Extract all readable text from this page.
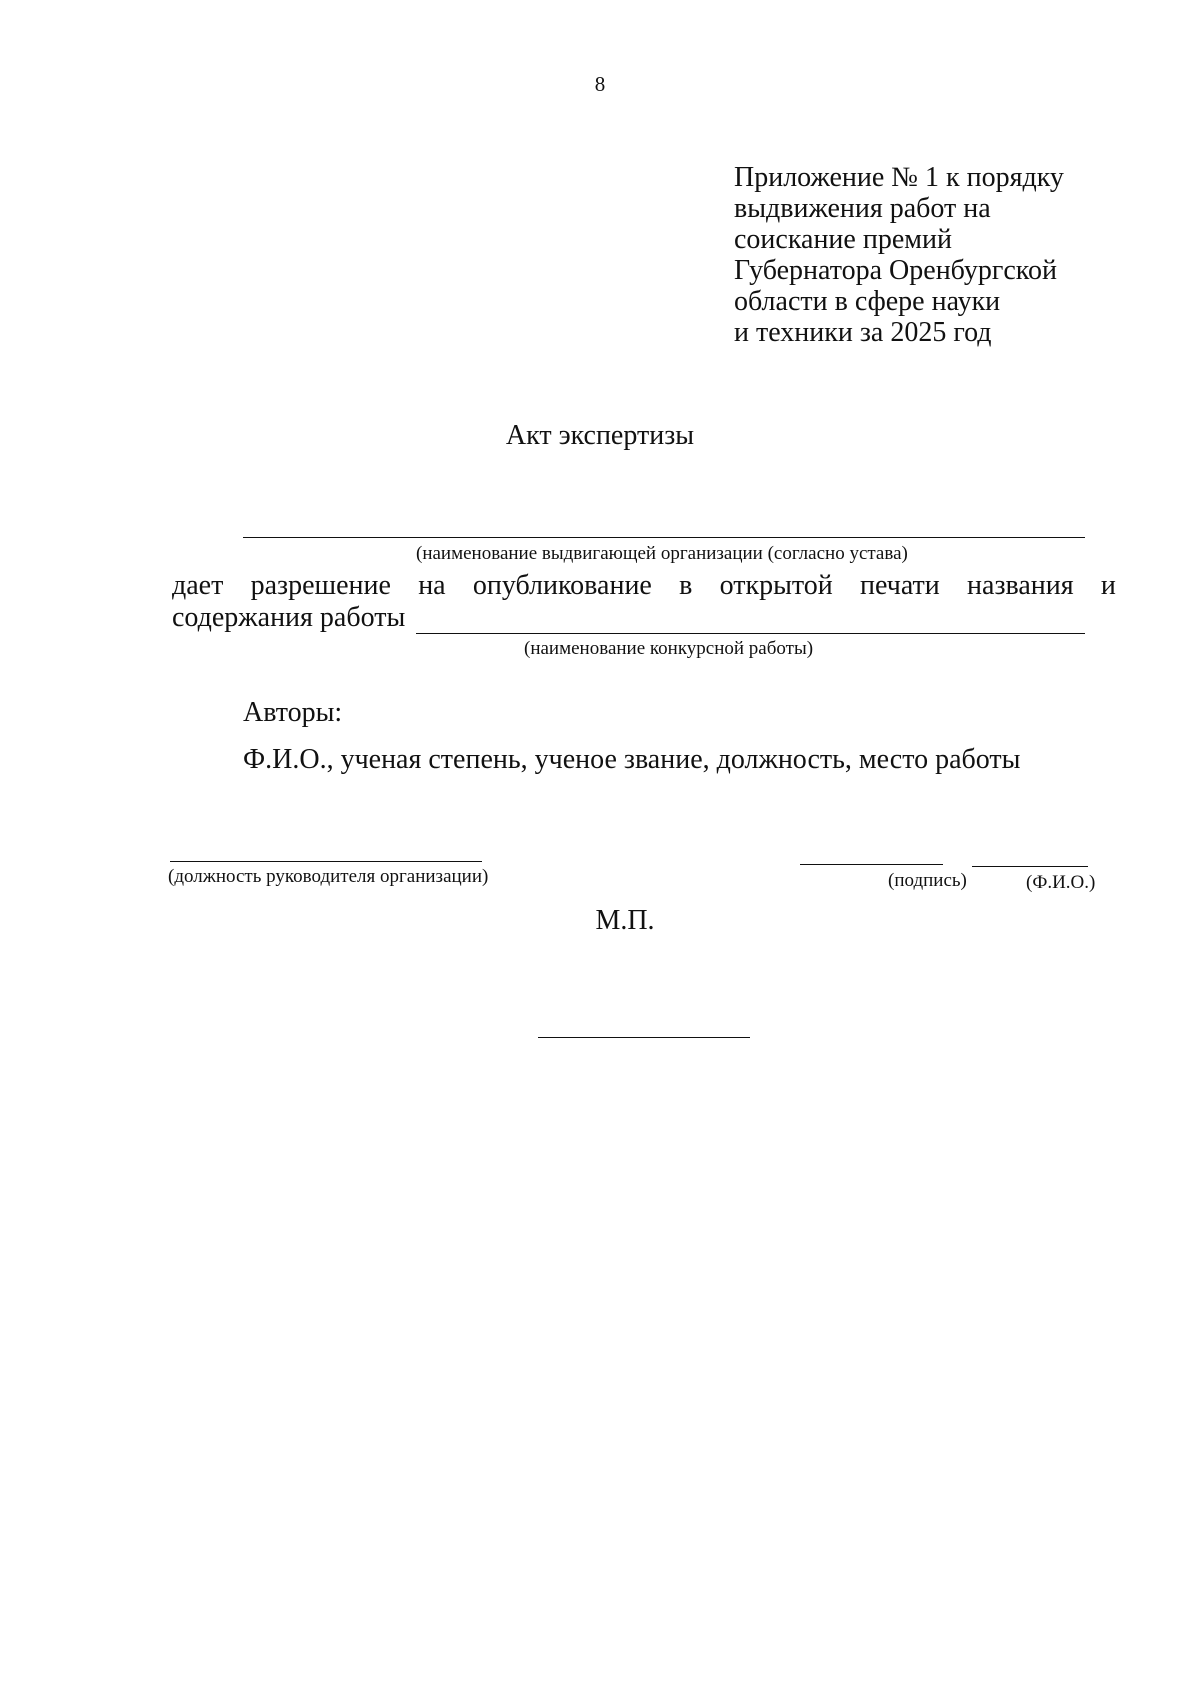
8
Приложение № 1 к порядку
выдвижения работ на
соискание премий
Губернатора Оренбургской
области в сфере науки
и техники за 2025 год
Акт экспертизы
(наименование выдвигающей организации (согласно устава)
дает разрешение на опубликование в открытой печати названия и
содержания работы
(наименование конкурсной работы)
Авторы:
Ф.И.О., ученая степень, ученое звание, должность, место работы
(должность руководителя организации)	(подпись)	(Ф.И.О.)
М.П.
